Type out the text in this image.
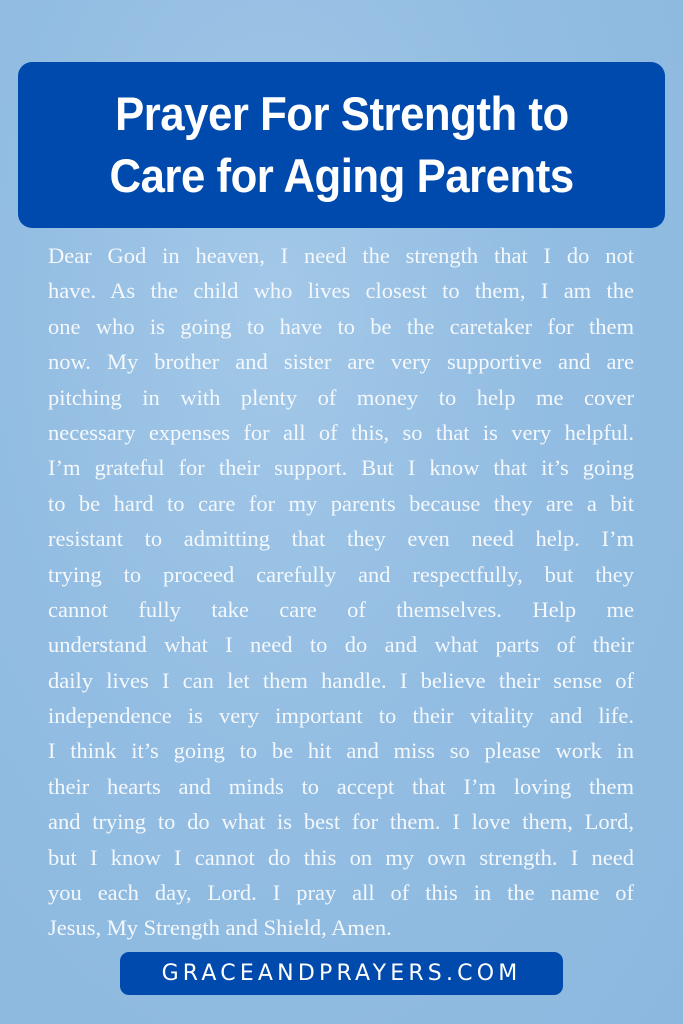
Prayer For Strength to
Care for Aging Parents
Dear God in heaven, I need the strength that I do not
have. As the child who lives closest to them, I am the
one who is going to have to be the caretaker for them
now. My brother and sister are very supportive and are
pitching in with plenty of money to help me cover
necessary expenses for all of this, so that is very helpful.
I’m grateful for their support. But I know that it’s going
to be hard to care for my parents because they are a bit
resistant to admitting that they even need help. I’m
trying to proceed carefully and respectfully, but they
cannot fully take care of themselves. Help me
understand what I need to do and what parts of their
daily lives I can let them handle. I believe their sense of
independence is very important to their vitality and life.
I think it’s going to be hit and miss so please work in
their hearts and minds to accept that I’m loving them
and trying to do what is best for them. I love them, Lord,
but I know I cannot do this on my own strength. I need
you each day, Lord. I pray all of this in the name of
Jesus, My Strength and Shield, Amen.
GRACEANDPRAYERS.COM
